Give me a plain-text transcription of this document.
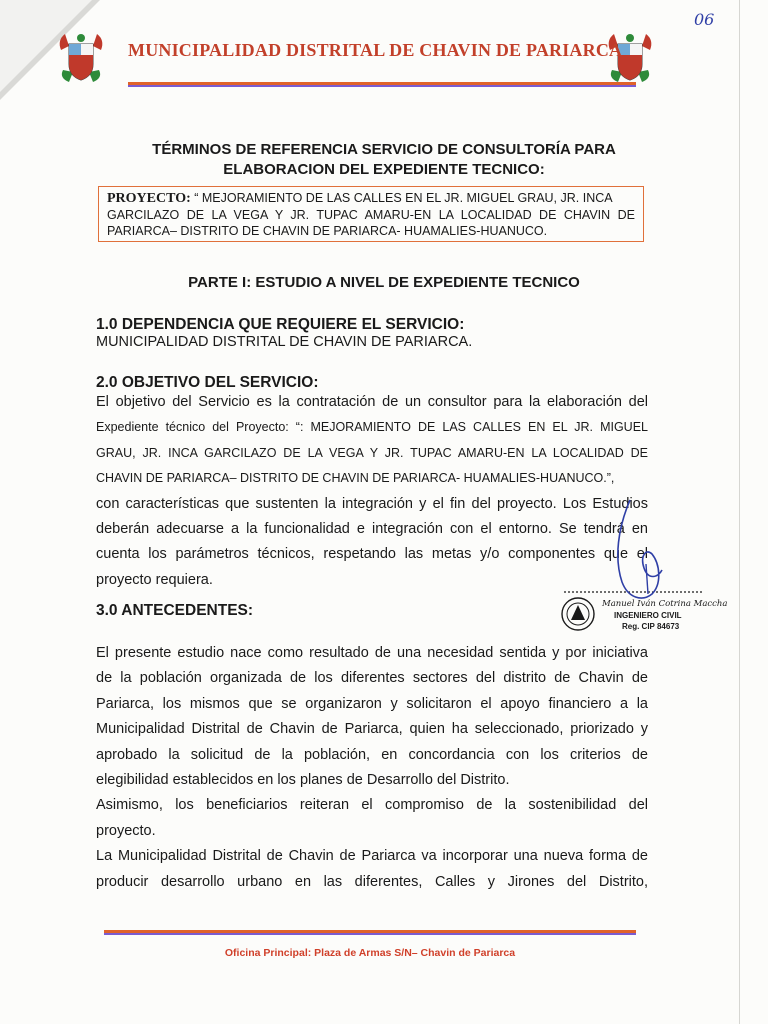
MUNICIPALIDAD DISTRITAL DE CHAVIN DE PARIARCA
06
TÉRMINOS DE REFERENCIA SERVICIO DE CONSULTORÍA PARA
ELABORACION DEL EXPEDIENTE TECNICO:
PROYECTO: “ MEJORAMIENTO DE LAS CALLES EN EL JR. MIGUEL GRAU, JR. INCA
GARCILAZO DE LA VEGA Y JR. TUPAC AMARU-EN LA LOCALIDAD DE CHAVIN DE
PARIARCA– DISTRITO DE CHAVIN DE PARIARCA- HUAMALIES-HUANUCO.
PARTE I: ESTUDIO A NIVEL DE EXPEDIENTE TECNICO
1.0 DEPENDENCIA QUE REQUIERE EL SERVICIO:
MUNICIPALIDAD DISTRITAL DE CHAVIN DE PARIARCA.
2.0 OBJETIVO DEL SERVICIO:
El objetivo del Servicio es la contratación de un consultor para la elaboración del
Expediente técnico del Proyecto: “: MEJORAMIENTO DE LAS CALLES EN EL JR. MIGUEL
GRAU, JR. INCA GARCILAZO DE LA VEGA Y JR. TUPAC AMARU-EN LA LOCALIDAD DE
CHAVIN DE PARIARCA– DISTRITO DE CHAVIN DE PARIARCA- HUAMALIES-HUANUCO.”,
con características que sustenten la integración y el fin del proyecto. Los Estudios
deberán adecuarse a la funcionalidad e integración con el entorno. Se tendrá en
cuenta los parámetros técnicos, respetando las metas y/o componentes que el
proyecto requiera.
3.0 ANTECEDENTES:
El presente estudio nace como resultado de una necesidad sentida y por iniciativa
de la población organizada de los diferentes sectores del distrito de Chavin de
Pariarca, los mismos que se organizaron y solicitaron el apoyo financiero a la
Municipalidad Distrital de Chavin de Pariarca, quien ha seleccionado, priorizado y
aprobado la solicitud de la población, en concordancia con los criterios de
elegibilidad establecidos en los planes de Desarrollo del Distrito.
Asimismo, los beneficiarios reiteran el compromiso de la sostenibilidad del
proyecto.
La Municipalidad Distrital de Chavin de Pariarca va incorporar una nueva forma de
producir desarrollo urbano en las diferentes, Calles y Jirones del Distrito,
Manuel Iván Cotrina Maccha
INGENIERO CIVIL
Reg. CIP 84673
Oficina Principal: Plaza de Armas S/N– Chavin de Pariarca
